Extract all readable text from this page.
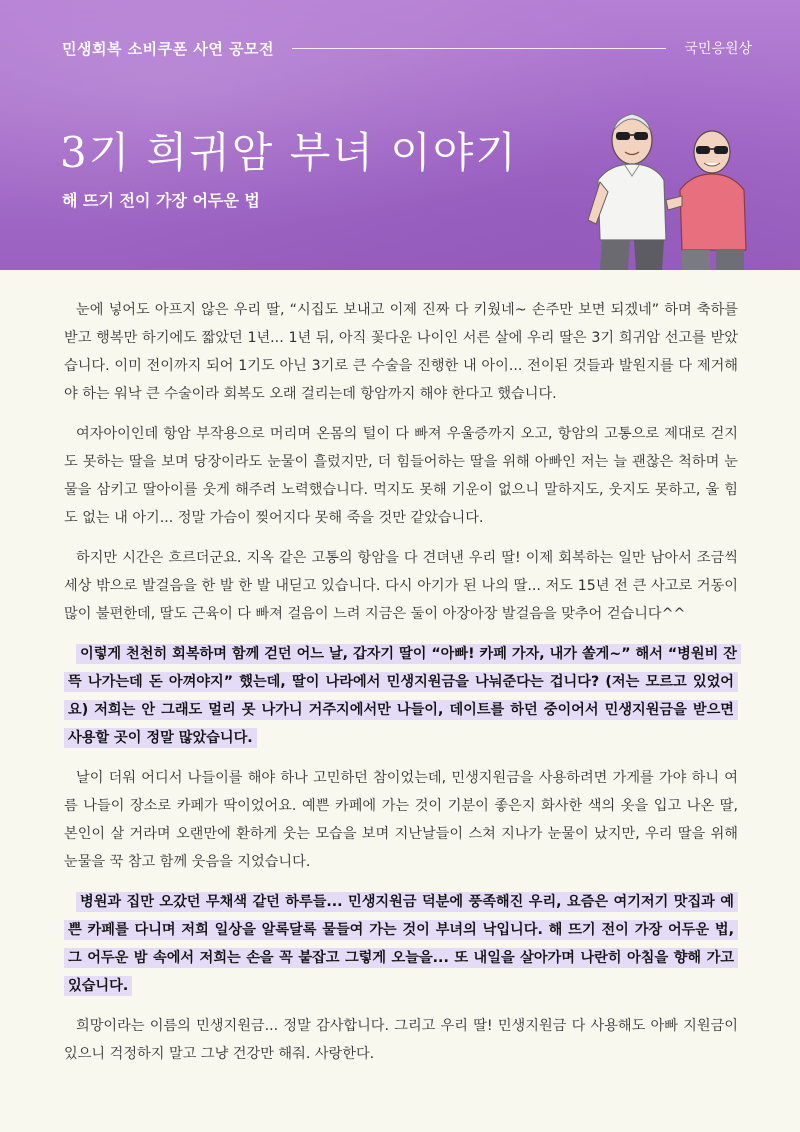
민생회복 소비쿠폰 사연 공모전	국민응원상
3기 희귀암 부녀 이야기
해 뜨기 전이 가장 어두운 법

눈에 넣어도 아프지 않은 우리 딸, “시집도 보내고 이제 진짜 다 키웠네~ 손주만 보면 되겠네” 하며 축하를 받고 행복만 하기에도 짧았던 1년... 1년 뒤, 아직 꽃다운 나이인 서른 살에 우리 딸은 3기 희귀암 선고를 받았습니다. 이미 전이까지 되어 1기도 아닌 3기로 큰 수술을 진행한 내 아이... 전이된 것들과 발원지를 다 제거해야 하는 워낙 큰 수술이라 회복도 오래 걸리는데 항암까지 해야 한다고 했습니다.

여자아이인데 항암 부작용으로 머리며 온몸의 털이 다 빠져 우울증까지 오고, 항암의 고통으로 제대로 걷지도 못하는 딸을 보며 당장이라도 눈물이 흘렀지만, 더 힘들어하는 딸을 위해 아빠인 저는 늘 괜찮은 척하며 눈물을 삼키고 딸아이를 웃게 해주려 노력했습니다. 먹지도 못해 기운이 없으니 말하지도, 웃지도 못하고, 울 힘도 없는 내 아기... 정말 가슴이 찢어지다 못해 죽을 것만 같았습니다.

하지만 시간은 흐르더군요. 지옥 같은 고통의 항암을 다 견뎌낸 우리 딸! 이제 회복하는 일만 남아서 조금씩 세상 밖으로 발걸음을 한 발 한 발 내딛고 있습니다. 다시 아기가 된 나의 딸... 저도 15년 전 큰 사고로 거동이 많이 불편한데, 딸도 근육이 다 빠져 걸음이 느려 지금은 둘이 아장아장 발걸음을 맞추어 걷습니다^^

이렇게 천천히 회복하며 함께 걷던 어느 날, 갑자기 딸이 “아빠! 카페 가자, 내가 쏠게~” 해서 “병원비 잔뜩 나가는데 돈 아껴야지” 했는데, 딸이 나라에서 민생지원금을 나눠준다는 겁니다? (저는 모르고 있었어요) 저희는 안 그래도 멀리 못 나가니 거주지에서만 나들이, 데이트를 하던 중이어서 민생지원금을 받으면 사용할 곳이 정말 많았습니다.

날이 더워 어디서 나들이를 해야 하나 고민하던 참이었는데, 민생지원금을 사용하려면 가게를 가야 하니 여름 나들이 장소로 카페가 딱이었어요. 예쁜 카페에 가는 것이 기분이 좋은지 화사한 색의 옷을 입고 나온 딸, 본인이 살 거라며 오랜만에 환하게 웃는 모습을 보며 지난날들이 스쳐 지나가 눈물이 났지만, 우리 딸을 위해 눈물을 꾹 참고 함께 웃음을 지었습니다.

병원과 집만 오갔던 무채색 같던 하루들... 민생지원금 덕분에 풍족해진 우리, 요즘은 여기저기 맛집과 예쁜 카페를 다니며 저희 일상을 알록달록 물들여 가는 것이 부녀의 낙입니다. 해 뜨기 전이 가장 어두운 법, 그 어두운 밤 속에서 저희는 손을 꼭 붙잡고 그렇게 오늘을... 또 내일을 살아가며 나란히 아침을 향해 가고 있습니다.

희망이라는 이름의 민생지원금... 정말 감사합니다. 그리고 우리 딸! 민생지원금 다 사용해도 아빠 지원금이 있으니 걱정하지 말고 그냥 건강만 해줘. 사랑한다.
